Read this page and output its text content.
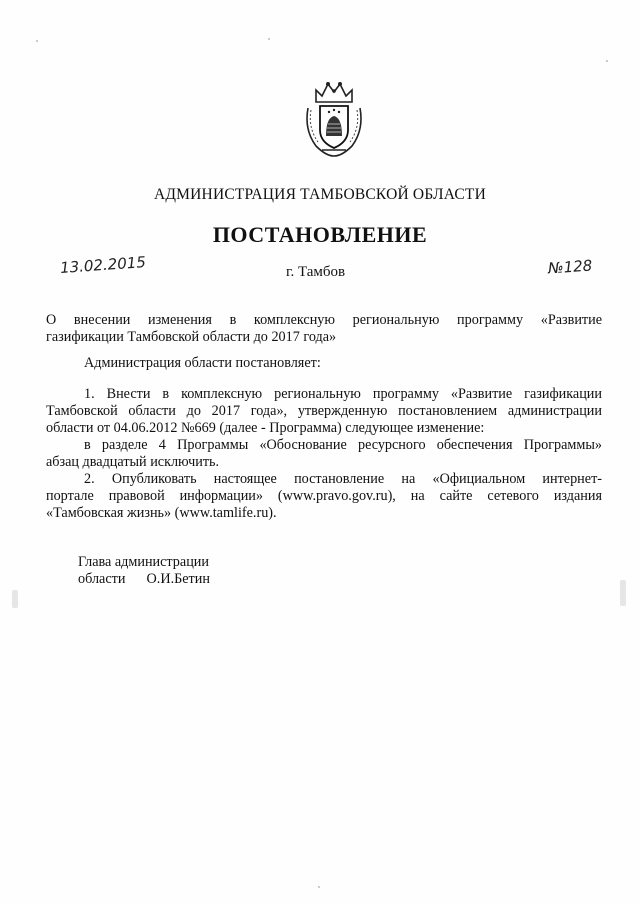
АДМИНИСТРАЦИЯ ТАМБОВСКОЙ ОБЛАСТИ
ПОСТАНОВЛЕНИЕ
13.02.2015	г. Тамбов	№128
О внесении изменения в комплексную региональную программу «Развитие
газификации Тамбовской области до 2017 года»
Администрация области постановляет:
1. Внести в комплексную региональную программу «Развитие газификации
Тамбовской области до 2017 года», утвержденную постановлением администрации
области от 04.06.2012 №669 (далее - Программа) следующее изменение:
в разделе 4 Программы «Обоснование ресурсного обеспечения Программы»
абзац двадцатый исключить.
2. Опубликовать настоящее постановление на «Официальном интернет-
портале правовой информации» (www.pravo.gov.ru), на сайте сетевого издания
«Тамбовская жизнь» (www.tamlife.ru).
Глава администрации
области О.И.Бетин
